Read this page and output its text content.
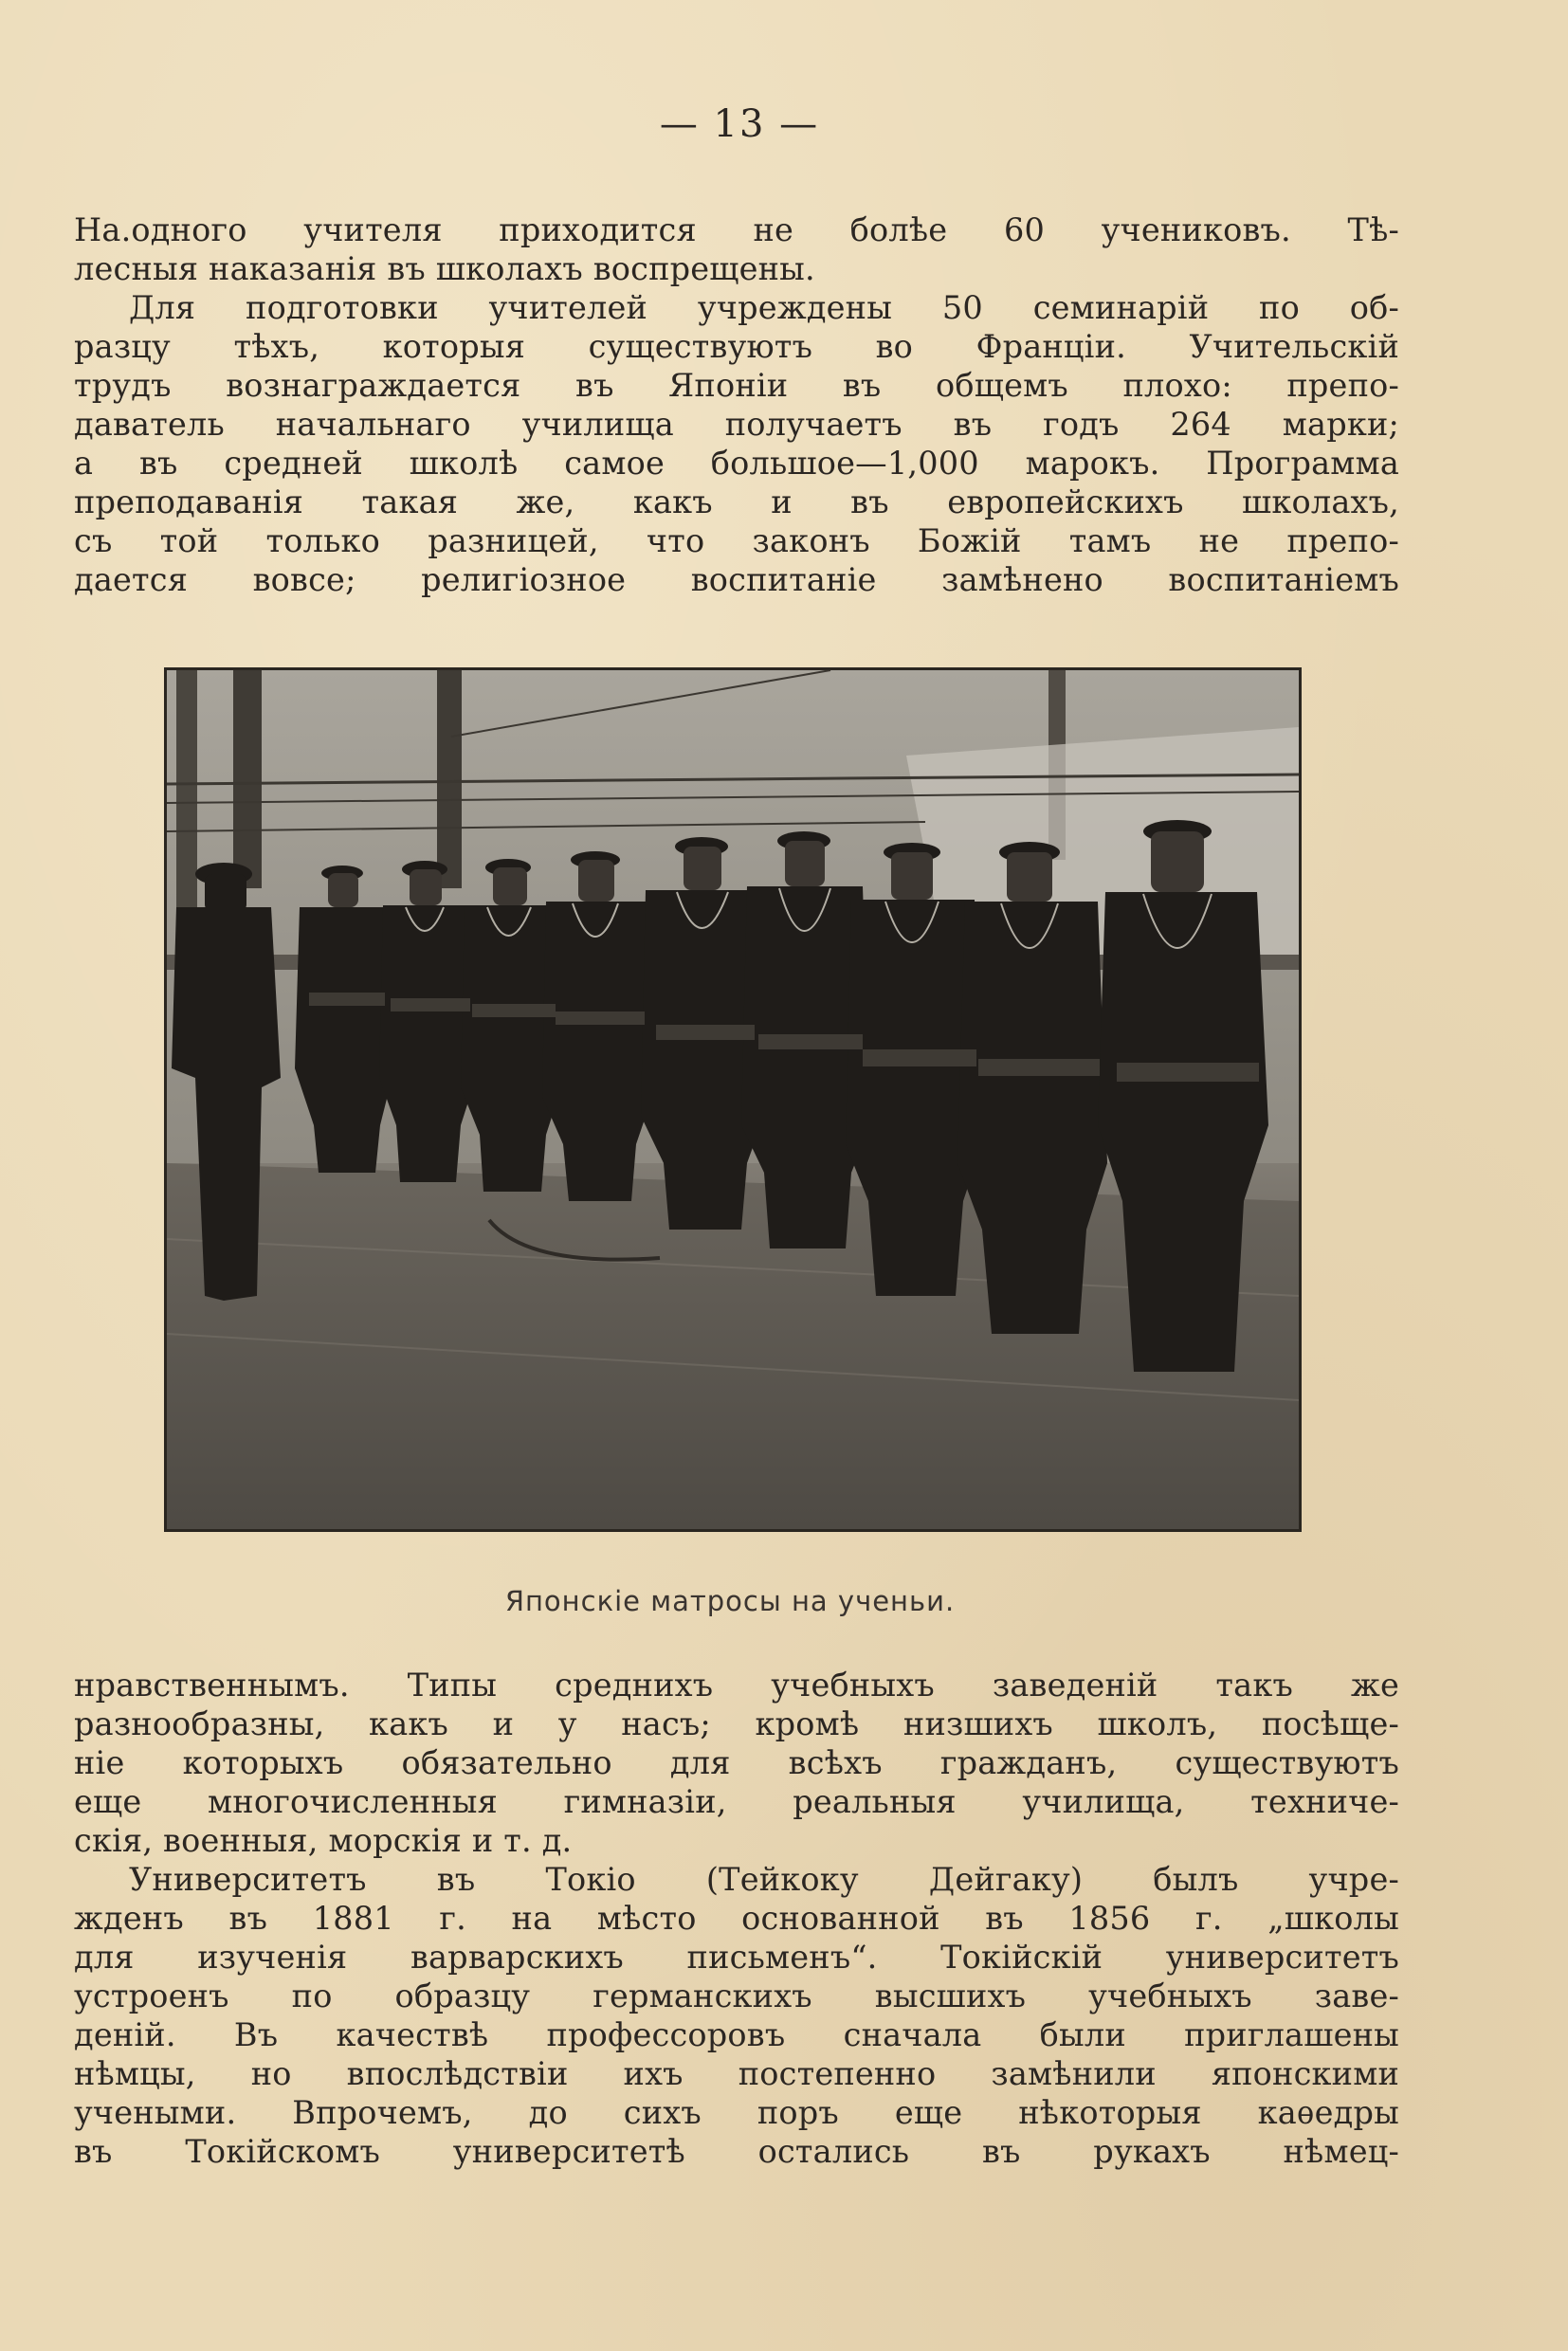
— 13 —
На.одного учителя приходится не болѣе 60 учениковъ. Тѣ-
лесныя наказанія въ школахъ воспрещены.
Для подготовки учителей учреждены 50 семинарій по об-
разцу тѣхъ, которыя существуютъ во Франціи. Учительскій
трудъ вознаграждается въ Японіи въ общемъ плохо: препо-
даватель начальнаго училища получаетъ въ годъ 264 марки;
а въ средней школѣ самое большое—1,000 марокъ. Программа
преподаванія такая же, какъ и въ европейскихъ школахъ,
съ той только разницей, что законъ Божій тамъ не препо-
дается вовсе; религіозное воспитаніе замѣнено воспитаніемъ
Японскіе матросы на ученьи.
нравственнымъ. Типы среднихъ учебныхъ заведеній такъ же
разнообразны, какъ и у насъ; кромѣ низшихъ школъ, посѣще-
ніе которыхъ обязательно для всѣхъ гражданъ, существуютъ
еще многочисленныя гимназіи, реальныя училища, техниче-
скія, военныя, морскія и т. д.
Университетъ въ Токіо (Тейкоку Дейгаку) былъ учре-
жденъ въ 1881 г. на мѣсто основанной въ 1856 г. „школы
для изученія варварскихъ письменъ“. Токійскій университетъ
устроенъ по образцу германскихъ высшихъ учебныхъ заве-
деній. Въ качествѣ профессоровъ сначала были приглашены
нѣмцы, но впослѣдствіи ихъ постепенно замѣнили японскими
учеными. Впрочемъ, до сихъ поръ еще нѣкоторыя каѳедры
въ Токійскомъ университетѣ остались въ рукахъ нѣмец-
